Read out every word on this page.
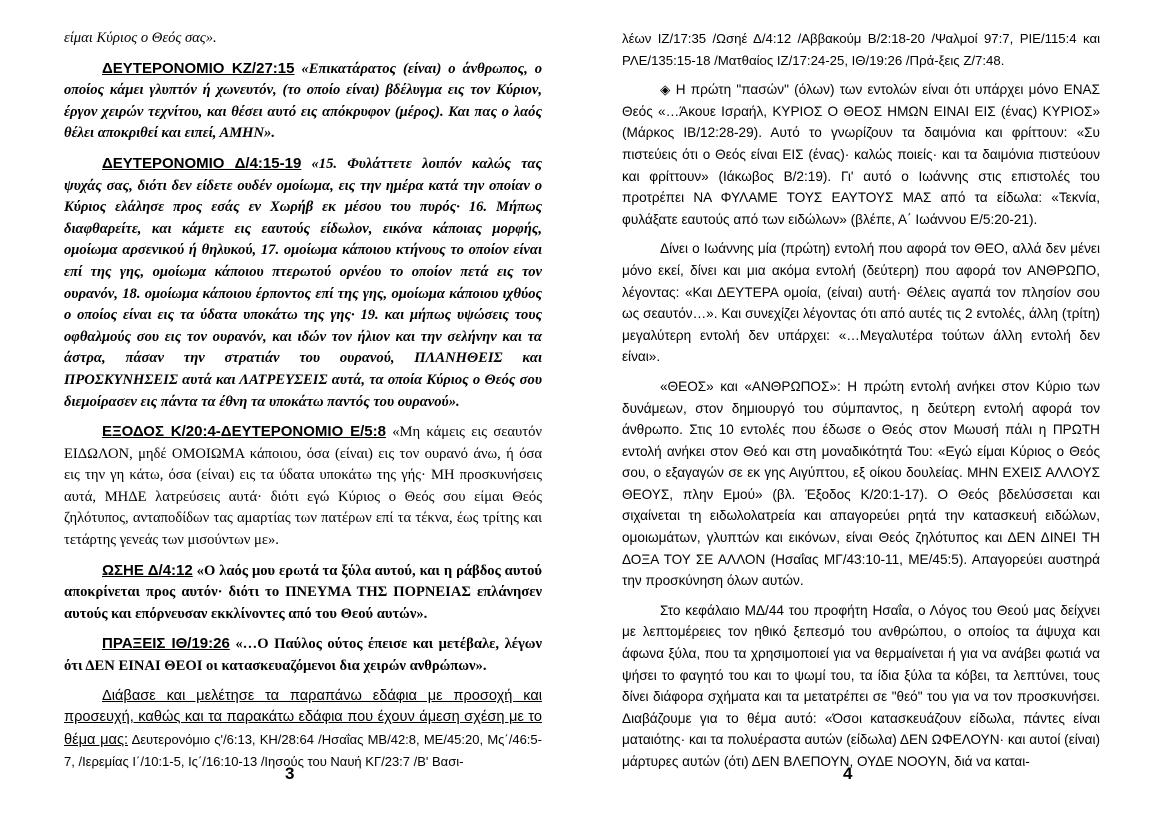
είμαι Κύριος ο Θεός σας».

ΔΕΥΤΕΡΟΝΟΜΙΟ ΚΖ/27:15 «Επικατάρατος (είναι) ο άνθρωπος, ο οποίος κάμει γλυπτόν ή χωνευτόν, (το οποίο είναι) βδέλυγμα εις τον Κύριον, έργον χειρών τεχνίτου, και θέσει αυτό εις απόκρυφον (μέρος). Και πας ο λαός θέλει αποκριθεί και ειπεί, ΑΜΗΝ».

ΔΕΥΤΕΡΟΝΟΜΙΟ Δ/4:15-19 «15. Φυλάττετε λοιπόν καλώς τας ψυχάς σας, διότι δεν είδετε ουδέν ομοίωμα, εις την ημέρα κατά την οποίαν ο Κύριος ελάλησε προς εσάς εν Χωρήβ εκ μέσου του πυρός· 16. Μήπως διαφθαρείτε, και κάμετε εις εαυτούς είδωλον, εικόνα κάποιας μορφής, ομοίωμα αρσενικού ή θηλυκού, 17. ομοίωμα κάποιου κτήνους το οποίον είναι επί της γης, ομοίωμα κάποιου πτερωτού ορνέου το οποίον πετά εις τον ουρανόν, 18. ομοίωμα κάποιου έρποντος επί της γης, ομοίωμα κάποιου ιχθύος ο οποίος είναι εις τα ύδατα υποκάτω της γης· 19. και μήπως υψώσεις τους οφθαλμούς σου εις τον ουρανόν, και ιδών τον ήλιον και την σελήνην και τα άστρα, πάσαν την στρατιάν του ουρανού, ΠΛΑΝΗΘΕΙΣ και ΠΡΟΣΚΥΝΗΣΕΙΣ αυτά και ΛΑΤΡΕΥΣΕΙΣ αυτά, τα οποία Κύριος ο Θεός σου διεμοίρασεν εις πάντα τα έθνη τα υποκάτω παντός του ουρανού».

ΕΞΟΔΟΣ Κ/20:4-ΔΕΥΤΕΡΟΝΟΜΙΟ Ε/5:8 «Μη κάμεις εις σεαυτόν ΕΙΔΩΛΟΝ, μηδέ ΟΜΟΙΩΜΑ κάποιου, όσα (είναι) εις τον ουρανό άνω, ή όσα εις την γη κάτω, όσα (είναι) εις τα ύδατα υποκάτω της γής· ΜΗ προσκυνήσεις αυτά, ΜΗΔΕ λατρεύσεις αυτά· διότι εγώ Κύριος ο Θεός σου είμαι Θεός ζηλότυπος, ανταποδίδων τας αμαρτίας των πατέρων επί τα τέκνα, έως τρίτης και τετάρτης γενεάς των μισούντων με».

ΩΣΗΕ Δ/4:12 «Ο λαός μου ερωτά τα ξύλα αυτού, και η ράβδος αυτού αποκρίνεται προς αυτόν· διότι το ΠΝΕΥΜΑ ΤΗΣ ΠΟΡΝΕΙΑΣ επλάνησεν αυτούς και επόρνευσαν εκκλίνοντες από του Θεού αυτών».

ΠΡΑΞΕΙΣ ΙΘ/19:26 «…Ο Παύλος ούτος έπεισε και μετέβαλε, λέγων ότι ΔΕΝ ΕΙΝΑΙ ΘΕΟΙ οι κατασκευαζόμενοι δια χειρών ανθρώπων».

Διάβασε και μελέτησε τα παραπάνω εδάφια με προσοχή και προσευχή, καθώς και τα παρακάτω εδάφια που έχουν άμεση σχέση με το θέμα μας: Δευτερονόμιο ς'/6:13, ΚΗ/28:64 /Ησαΐας ΜΒ/42:8, ΜΕ/45:20, Μς΄/46:5-7, /Ιερεμίας Ι΄/10:1-5, Ις΄/16:10-13 /Ιησούς του Ναυή ΚΓ/23:7 /Β' Βασι-

λέων ΙΖ/17:35 /Ωσηέ Δ/4:12 /Αββακούμ Β/2:18-20 /Ψαλμοί 97:7, ΡΙΕ/115:4 και ΡΛΕ/135:15-18 /Ματθαίος ΙΖ/17:24-25, ΙΘ/19:26 /Πρά-ξεις Ζ/7:48.

◈ Η πρώτη "πασών" (όλων) των εντολών είναι ότι υπάρχει μόνο ΕΝΑΣ Θεός «…Άκουε Ισραήλ, ΚΥΡΙΟΣ Ο ΘΕΟΣ ΗΜΩΝ ΕΙΝΑΙ ΕΙΣ (ένας) ΚΥΡΙΟΣ» (Μάρκος ΙΒ/12:28-29). Αυτό το γνωρίζουν τα δαιμόνια και φρίττουν: «Συ πιστεύεις ότι ο Θεός είναι ΕΙΣ (ένας)· καλώς ποιείς· και τα δαιμόνια πιστεύουν και φρίττουν» (Ιάκωβος Β/2:19). Γι' αυτό ο Ιωάννης στις επιστολές του προτρέπει ΝΑ ΦΥΛΑΜΕ ΤΟΥΣ ΕΑΥΤΟΥΣ ΜΑΣ από τα είδωλα: «Τεκνία, φυλάξατε εαυτούς από των ειδώλων» (βλέπε, Α΄ Ιωάννου Ε/5:20-21).

Δίνει ο Ιωάννης μία (πρώτη) εντολή που αφορά τον ΘΕΟ, αλλά δεν μένει μόνο εκεί, δίνει και μια ακόμα εντολή (δεύτερη) που αφορά τον ΑΝΘΡΩΠΟ, λέγοντας: «Και ΔΕΥΤΕΡΑ ομοία, (είναι) αυτή· Θέλεις αγαπά τον πλησίον σου ως σεαυτόν…». Και συνεχίζει λέγοντας ότι από αυτές τις 2 εντολές, άλλη (τρίτη) μεγαλύτερη εντολή δεν υπάρχει: «…Μεγαλυτέρα τούτων άλλη εντολή δεν είναι».

«ΘΕΟΣ» και «ΑΝΘΡΩΠΟΣ»: Η πρώτη εντολή ανήκει στον Κύριο των δυνάμεων, στον δημιουργό του σύμπαντος, η δεύτερη εντολή αφορά τον άνθρωπο. Στις 10 εντολές που έδωσε ο Θεός στον Μωυσή πάλι η ΠΡΩΤΗ εντολή ανήκει στον Θεό και στη μοναδικότητά Του: «Εγώ είμαι Κύριος ο Θεός σου, ο εξαγαγών σε εκ γης Αιγύπτου, εξ οίκου δουλείας. ΜΗΝ ΕΧΕΙΣ ΑΛΛΟΥΣ ΘΕΟΥΣ, πλην Εμού» (βλ. Έξοδος Κ/20:1-17). Ο Θεός βδελύσσεται και σιχαίνεται τη ειδωλολατρεία και απαγορεύει ρητά την κατασκευή ειδώλων, ομοιωμάτων, γλυπτών και εικόνων, είναι Θεός ζηλότυπος και ΔΕΝ ΔΙΝΕΙ ΤΗ ΔΟΞΑ ΤΟΥ ΣΕ ΑΛΛΟΝ (Ησαΐας ΜΓ/43:10-11, ΜΕ/45:5). Απαγορεύει αυστηρά την προσκύνηση όλων αυτών.

Στο κεφάλαιο ΜΔ/44 του προφήτη Ησαΐα, ο Λόγος του Θεού μας δείχνει με λεπτομέρειες τον ηθικό ξεπεσμό του ανθρώπου, ο οποίος τα άψυχα και άφωνα ξύλα, που τα χρησιμοποιεί για να θερμαίνεται ή για να ανάβει φωτιά να ψήσει το φαγητό του και το ψωμί του, τα ίδια ξύλα τα κόβει, τα λεπτύνει, τους δίνει διάφορα σχήματα και τα μετατρέπει σε "θεό" του για να τον προσκυνήσει. Διαβάζουμε για το θέμα αυτό: «Όσοι κατασκευάζουν είδωλα, πάντες είναι ματαιότης· και τα πολυέραστα αυτών (είδωλα) ΔΕΝ ΩΦΕΛΟΥΝ· και αυτοί (είναι) μάρτυρες αυτών (ότι) ΔΕΝ ΒΛΕΠΟΥΝ, ΟΥΔΕ ΝΟΟΥΝ, διά να καται-

3	4
